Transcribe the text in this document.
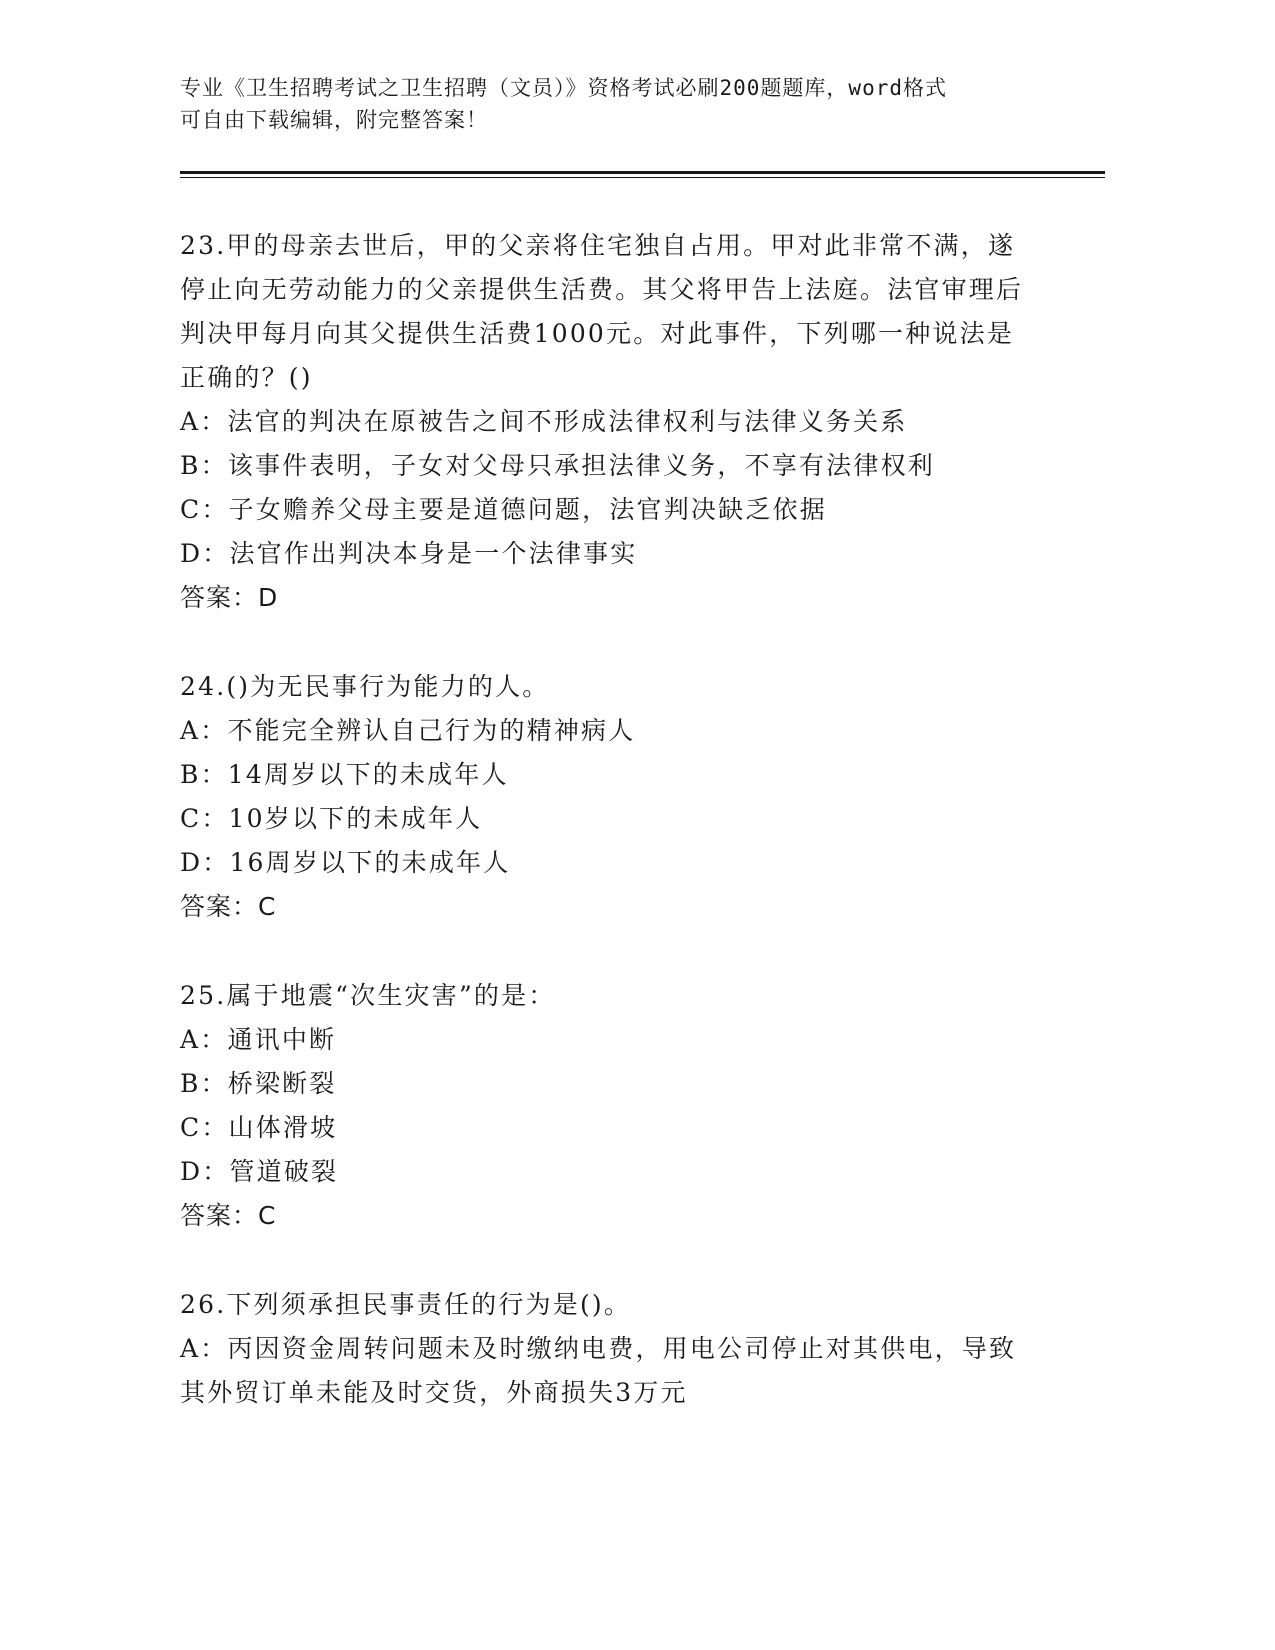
专业《卫生招聘考试之卫生招聘（文员）》资格考试必刷200题题库，word格式
可自由下载编辑，附完整答案！
23.甲的母亲去世后，甲的父亲将住宅独自占用。甲对此非常不满，遂停止向无劳动能力的父亲提供生活费。其父将甲告上法庭。法官审理后判决甲每月向其父提供生活费1000元。对此事件，下列哪一种说法是正确的？()
A：法官的判决在原被告之间不形成法律权利与法律义务关系
B：该事件表明，子女对父母只承担法律义务，不享有法律权利
C：子女赡养父母主要是道德问题，法官判决缺乏依据
D：法官作出判决本身是一个法律事实
答案：D
24.()为无民事行为能力的人。
A：不能完全辨认自己行为的精神病人
B：14周岁以下的未成年人
C：10岁以下的未成年人
D：16周岁以下的未成年人
答案：C
25.属于地震“次生灾害”的是：
A：通讯中断
B：桥梁断裂
C：山体滑坡
D：管道破裂
答案：C
26.下列须承担民事责任的行为是()。
A：丙因资金周转问题未及时缴纳电费，用电公司停止对其供电，导致其外贸订单未能及时交货，外商损失3万元
